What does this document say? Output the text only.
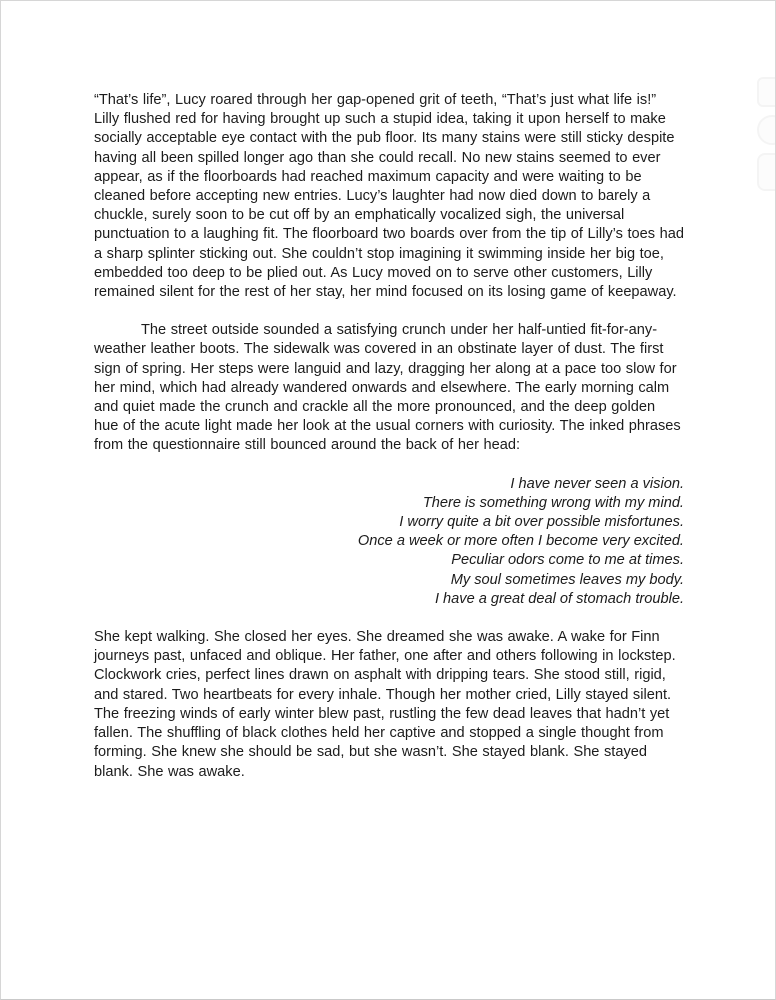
“That’s life”, Lucy roared through her gap-opened grit of teeth, “That’s just what life is!” Lilly flushed red for having brought up such a stupid idea, taking it upon herself to make socially acceptable eye contact with the pub floor. Its many stains were still sticky despite having all been spilled longer ago than she could recall. No new stains seemed to ever appear, as if the floorboards had reached maximum capacity and were waiting to be cleaned before accepting new entries. Lucy’s laughter had now died down to barely a chuckle, surely soon to be cut off by an emphatically vocalized sigh, the universal punctuation to a laughing fit. The floorboard two boards over from the tip of Lilly’s toes had a sharp splinter sticking out. She couldn’t stop imagining it swimming inside her big toe, embedded too deep to be plied out. As Lucy moved on to serve other customers, Lilly remained silent for the rest of her stay, her mind focused on its losing game of keepaway.

The street outside sounded a satisfying crunch under her half-untied fit-for-any-weather leather boots. The sidewalk was covered in an obstinate layer of dust. The first sign of spring. Her steps were languid and lazy, dragging her along at a pace too slow for her mind, which had already wandered onwards and elsewhere. The early morning calm and quiet made the crunch and crackle all the more pronounced, and the deep golden hue of the acute light made her look at the usual corners with curiosity. The inked phrases from the questionnaire still bounced around the back of her head:

I have never seen a vision.
There is something wrong with my mind.
I worry quite a bit over possible misfortunes.
Once a week or more often I become very excited.
Peculiar odors come to me at times.
My soul sometimes leaves my body.
I have a great deal of stomach trouble.

She kept walking. She closed her eyes. She dreamed she was awake. A wake for Finn journeys past, unfaced and oblique. Her father, one after and others following in lockstep. Clockwork cries, perfect lines drawn on asphalt with dripping tears. She stood still, rigid, and stared. Two heartbeats for every inhale. Though her mother cried, Lilly stayed silent. The freezing winds of early winter blew past, rustling the few dead leaves that hadn’t yet fallen. The shuffling of black clothes held her captive and stopped a single thought from forming. She knew she should be sad, but she wasn’t. She stayed blank. She stayed blank. She was awake.
